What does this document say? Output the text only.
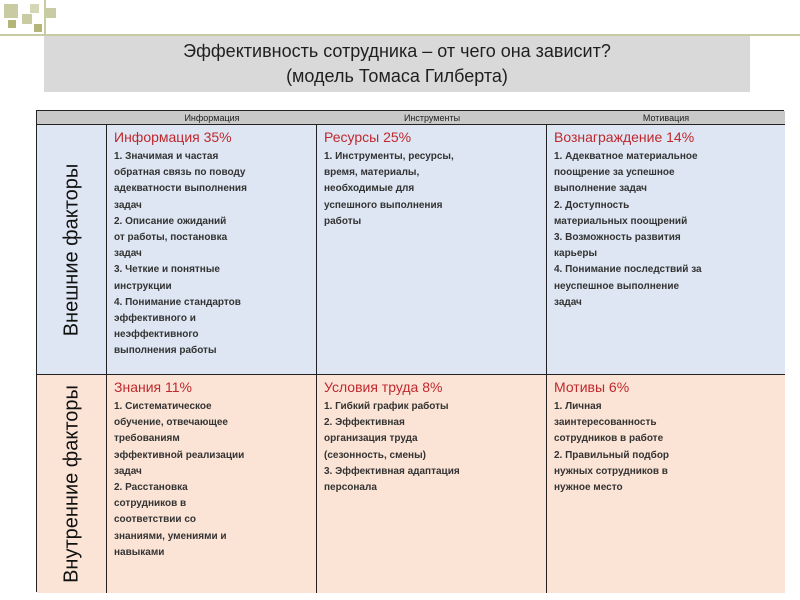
Эффективность сотрудника – от чего она зависит?
(модель Томаса Гилберта)
Информация	Инструменты	Мотивация
Внешние факторы
Информация 35%
1. Значимая и частая
обратная связь по поводу
адекватности выполнения
задач
2. Описание ожиданий
от работы, постановка
задач
3. Четкие и понятные
инструкции
4. Понимание стандартов
эффективного и
неэффективного
выполнения работы
Ресурсы 25%
1. Инструменты, ресурсы,
время, материалы,
необходимые для
успешного выполнения
работы
Вознаграждение 14%
1. Адекватное материальное
поощрение за успешное
выполнение задач
2. Доступность
материальных поощрений
3. Возможность развития
карьеры
4. Понимание последствий за
неуспешное выполнение
задач
Внутренние факторы Знания 11%
1. Систематическое
обучение, отвечающее
требованиям
эффективной реализации
задач
2. Расстановка
сотрудников в
соответствии со
знаниями, умениями и
навыками
Условия труда 8%
1. Гибкий график работы
2. Эффективная
организация труда
(сезонность, смены)
3. Эффективная адаптация
персонала
Мотивы 6%
1. Личная
заинтересованность
сотрудников в работе
2. Правильный подбор
нужных сотрудников в
нужное место
